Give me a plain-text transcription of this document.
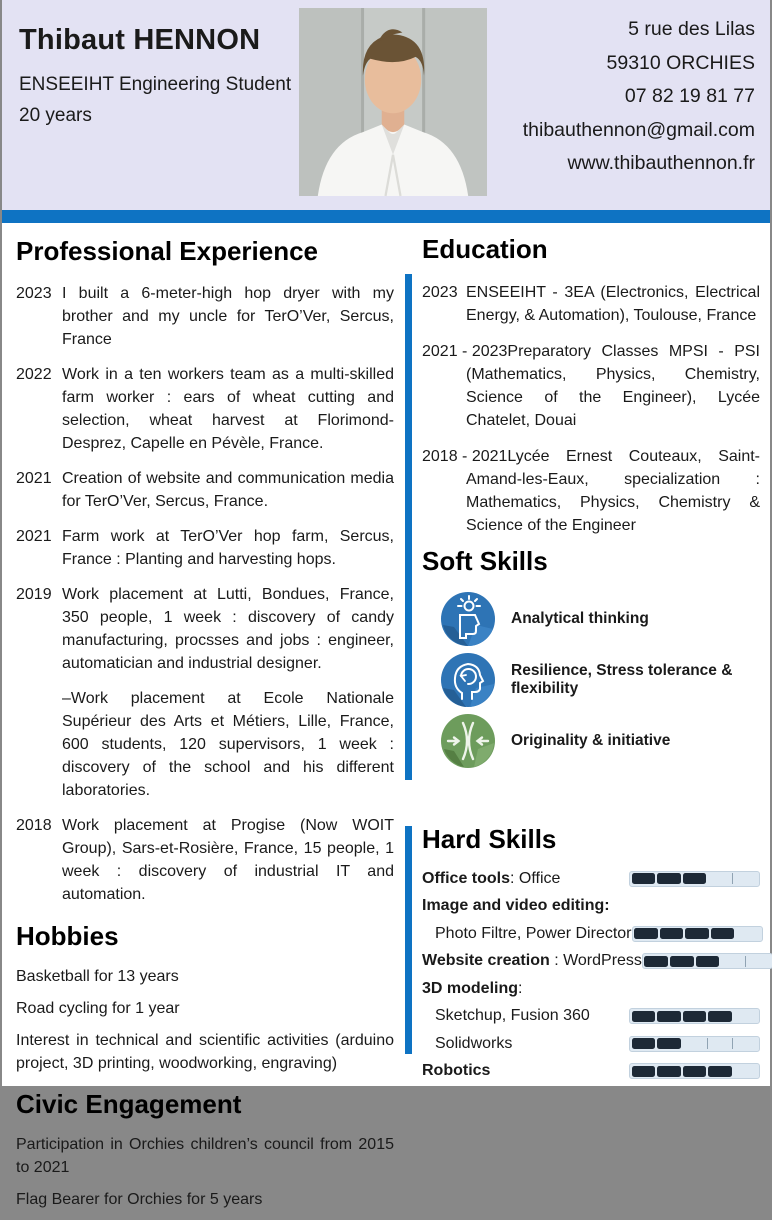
Thibaut HENNON
ENSEEIHT Engineering Student
20 years
5 rue des Lilas
59310 ORCHIES
07 82 19 81 77
thibauthennon@gmail.com
www.thibauthennon.fr
Professional Experience
2023 I built a 6-meter-high hop dryer with my brother and my uncle for TerO’Ver, Sercus, France
2022 Work in a ten workers team as a multi-skilled farm worker : ears of wheat cutting and selection, wheat harvest at Florimond-Desprez, Capelle en Pévèle, France.
2021 Creation of website and communication media for TerO’Ver, Sercus, France.
2021 Farm work at TerO’Ver hop farm, Sercus, France : Planting and harvesting hops.
2019 Work placement at Lutti, Bondues, France, 350 people, 1 week : discovery of candy manufacturing, procsses and jobs : engineer, automatician and industrial designer.
–Work placement at Ecole Nationale Supérieur des Arts et Métiers, Lille, France, 600 students, 120 supervisors, 1 week : discovery of the school and his different laboratories.
2018 Work placement at Progise (Now WOIT Group), Sars-et-Rosière, France, 15 people, 1 week : discovery of industrial IT and automation.
Hobbies
Basketball for 13 years
Road cycling for 1 year
Interest in technical and scientific activities (arduino project, 3D printing, woodworking, engraving)
Civic Engagement
Participation in Orchies children’s council from 2015 to 2021
Flag Bearer for Orchies for 5 years
Education
2023 ENSEEIHT - 3EA (Electronics, Electrical Energy, & Automation), Toulouse, France
2021 - 2023Preparatory Classes MPSI - PSI (Mathematics, Physics, Chemistry, Science of the Engineer), Lycée Chatelet, Douai
2018 - 2021Lycée Ernest Couteaux, Saint-Amand-les-Eaux, specialization : Mathematics, Physics, Chemistry & Science of the Engineer
Soft Skills
Analytical thinking
Resilience, Stress tolerance & flexibility
Originality & initiative
Hard Skills
Office tools: Office
Image and video editing:
Photo Filtre, Power Director
Website creation : WordPress
3D modeling:
Sketchup, Fusion 360
Solidworks
Robotics
